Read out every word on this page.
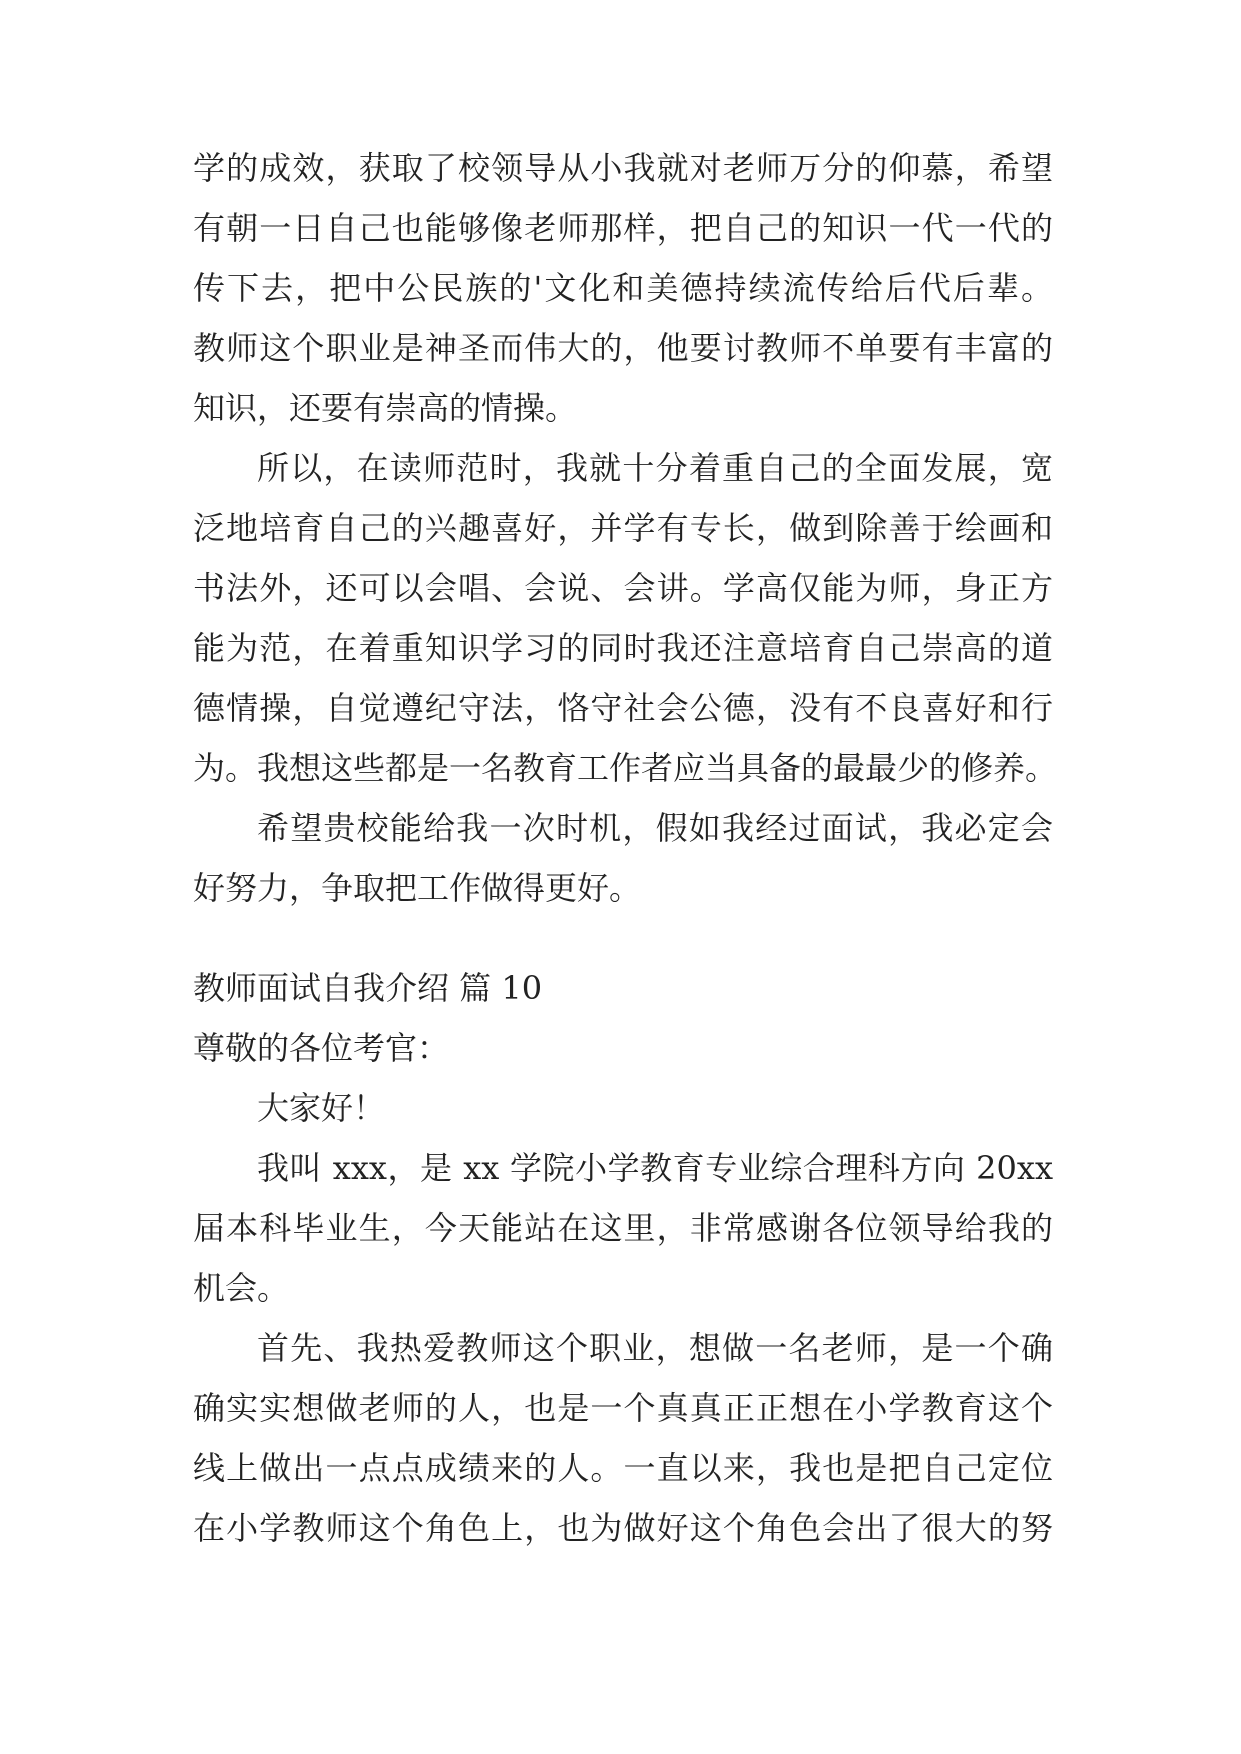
学的成效，获取了校领导从小我就对老师万分的仰慕，希望
有朝一日自己也能够像老师那样，把自己的知识一代一代的
传下去，把中公民族的'文化和美德持续流传给后代后辈。
教师这个职业是神圣而伟大的，他要讨教师不单要有丰富的
知识，还要有崇高的情操。
所以，在读师范时，我就十分着重自己的全面发展，宽
泛地培育自己的兴趣喜好，并学有专长，做到除善于绘画和
书法外，还可以会唱、会说、会讲。学高仅能为师，身正方
能为范，在着重知识学习的同时我还注意培育自己崇高的道
德情操，自觉遵纪守法，恪守社会公德，没有不良喜好和行
为。我想这些都是一名教育工作者应当具备的最最少的修养。
希望贵校能给我一次时机，假如我经过面试，我必定会
好努力，争取把工作做得更好。
教师面试自我介绍 篇 10
尊敬的各位考官：
大家好！
我叫 xxx，是 xx 学院小学教育专业综合理科方向 20xx
届本科毕业生，今天能站在这里，非常感谢各位领导给我的
机会。
首先、我热爱教师这个职业，想做一名老师，是一个确
确实实想做老师的人，也是一个真真正正想在小学教育这个
线上做出一点点成绩来的人。一直以来，我也是把自己定位
在小学教师这个角色上，也为做好这个角色会出了很大的努
